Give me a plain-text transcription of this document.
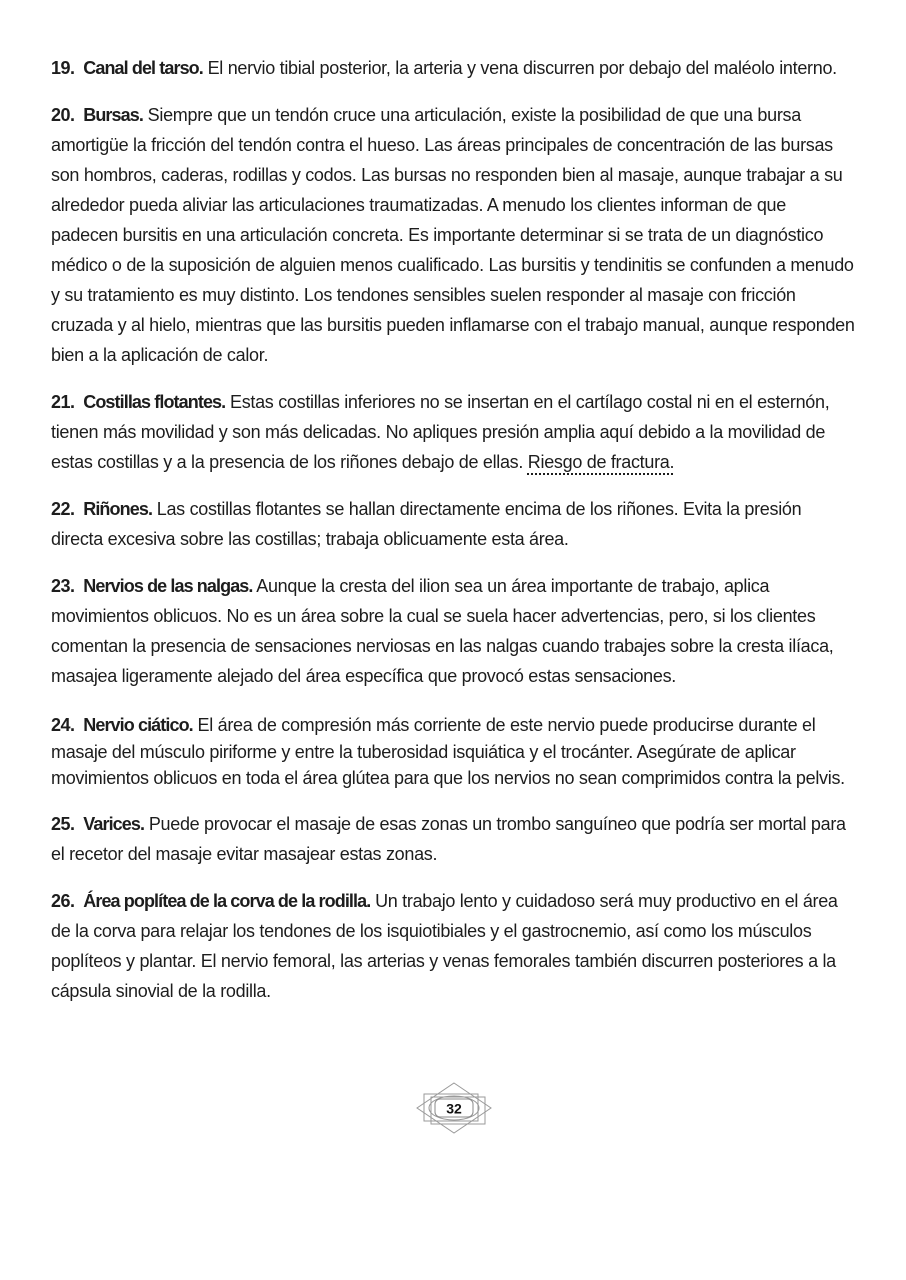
19. Canal del tarso. El nervio tibial posterior, la arteria y vena discurren por debajo del maléolo interno.

20. Bursas. Siempre que un tendón cruce una articulación, existe la posibilidad de que una bursa amortigüe la fricción del tendón contra el hueso. Las áreas principales de concentración de las bursas son hombros, caderas, rodillas y codos. Las bursas no responden bien al masaje, aunque trabajar a su alrededor pueda aliviar las articulaciones traumatizadas. A menudo los clientes informan de que padecen bursitis en una articulación concreta. Es importante determinar si se trata de un diagnóstico médico o de la suposición de alguien menos cualificado. Las bursitis y tendinitis se confunden a menudo y su tratamiento es muy distinto. Los tendones sensibles suelen responder al masaje con fricción cruzada y al hielo, mientras que las bursitis pueden inflamarse con el trabajo manual, aunque responden bien a la aplicación de calor.

21. Costillas flotantes. Estas costillas inferiores no se insertan en el cartílago costal ni en el esternón, tienen más movilidad y son más delicadas. No apliques presión amplia aquí debido a la movilidad de estas costillas y a la presencia de los riñones debajo de ellas. Riesgo de fractura.

22. Riñones. Las costillas flotantes se hallan directamente encima de los riñones. Evita la presión directa excesiva sobre las costillas; trabaja oblicuamente esta área.

23. Nervios de las nalgas. Aunque la cresta del ilion sea un área importante de trabajo, aplica movimientos oblicuos. No es un área sobre la cual se suela hacer advertencias, pero, si los clientes comentan la presencia de sensaciones nerviosas en las nalgas cuando trabajes sobre la cresta ilíaca, masajea ligeramente alejado del área específica que provocó estas sensaciones.

24. Nervio ciático. El área de compresión más corriente de este nervio puede producirse durante el masaje del músculo piriforme y entre la tuberosidad isquiática y el trocánter. Asegúrate de aplicar movimientos oblicuos en toda el área glútea para que los nervios no sean comprimidos contra la pelvis.

25. Varices. Puede provocar el masaje de esas zonas un trombo sanguíneo que podría ser mortal para el recetor del masaje evitar masajear estas zonas.

26. Área poplítea de la corva de la rodilla. Un trabajo lento y cuidadoso será muy productivo en el área de la corva para relajar los tendones de los isquiotibiales y el gastrocnemio, así como los músculos poplíteos y plantar. El nervio femoral, las arterias y venas femorales también discurren posteriores a la cápsula sinovial de la rodilla.

32
